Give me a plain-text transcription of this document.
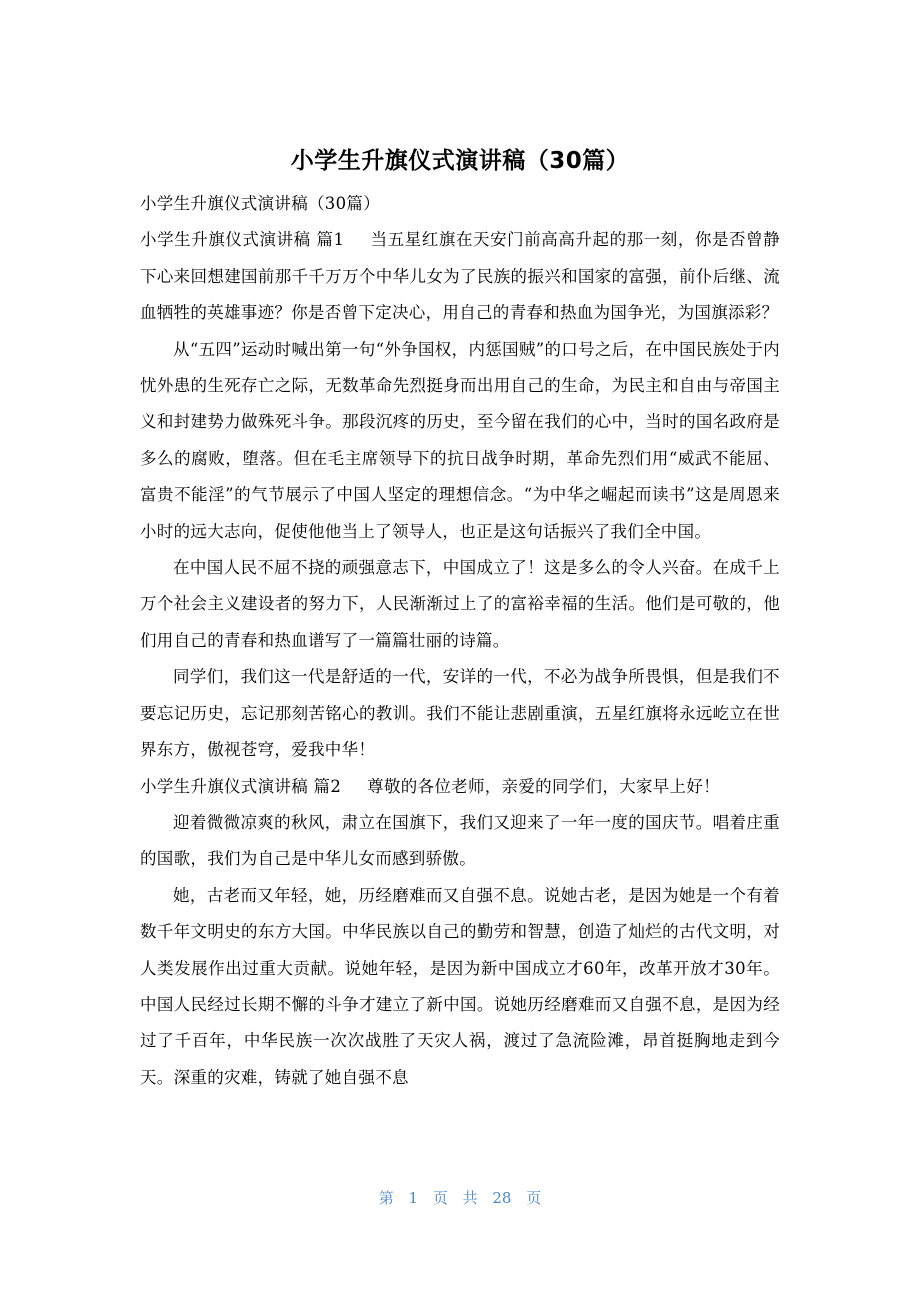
小学生升旗仪式演讲稿（30篇）

小学生升旗仪式演讲稿（30篇）

小学生升旗仪式演讲稿 篇1 当五星红旗在天安门前高高升起的那一刻，你是否曾静下心来回想建国前那千千万万个中华儿女为了民族的振兴和国家的富强，前仆后继、流血牺牲的英雄事迹？你是否曾下定决心，用自己的青春和热血为国争光，为国旗添彩？

从“五四”运动时喊出第一句“外争国权，内惩国贼”的口号之后，在中国民族处于内忧外患的生死存亡之际，无数革命先烈挺身而出用自己的生命，为民主和自由与帝国主义和封建势力做殊死斗争。那段沉疼的历史，至今留在我们的心中，当时的国名政府是多么的腐败，堕落。但在毛主席领导下的抗日战争时期，革命先烈们用“威武不能屈、富贵不能淫”的气节展示了中国人坚定的理想信念。“为中华之崛起而读书”这是周恩来小时的远大志向，促使他他当上了领导人，也正是这句话振兴了我们全中国。

在中国人民不屈不挠的顽强意志下，中国成立了！这是多么的令人兴奋。在成千上万个社会主义建设者的努力下，人民渐渐过上了的富裕幸福的生活。他们是可敬的，他们用自己的青春和热血谱写了一篇篇壮丽的诗篇。

同学们，我们这一代是舒适的一代，安详的一代，不必为战争所畏惧，但是我们不要忘记历史，忘记那刻苦铭心的教训。我们不能让悲剧重演，五星红旗将永远屹立在世界东方，傲视苍穹，爱我中华！

小学生升旗仪式演讲稿 篇2 尊敬的各位老师，亲爱的同学们，大家早上好！

迎着微微凉爽的秋风，肃立在国旗下，我们又迎来了一年一度的国庆节。唱着庄重的国歌，我们为自己是中华儿女而感到骄傲。

她，古老而又年轻，她，历经磨难而又自强不息。说她古老，是因为她是一个有着数千年文明史的东方大国。中华民族以自己的勤劳和智慧，创造了灿烂的古代文明，对人类发展作出过重大贡献。说她年轻，是因为新中国成立才60年，改革开放才30年。中国人民经过长期不懈的斗争才建立了新中国。说她历经磨难而又自强不息，是因为经过了千百年，中华民族一次次战胜了天灾人祸，渡过了急流险滩，昂首挺胸地走到今天。深重的灾难，铸就了她自强不息

第 1 页 共 28 页
